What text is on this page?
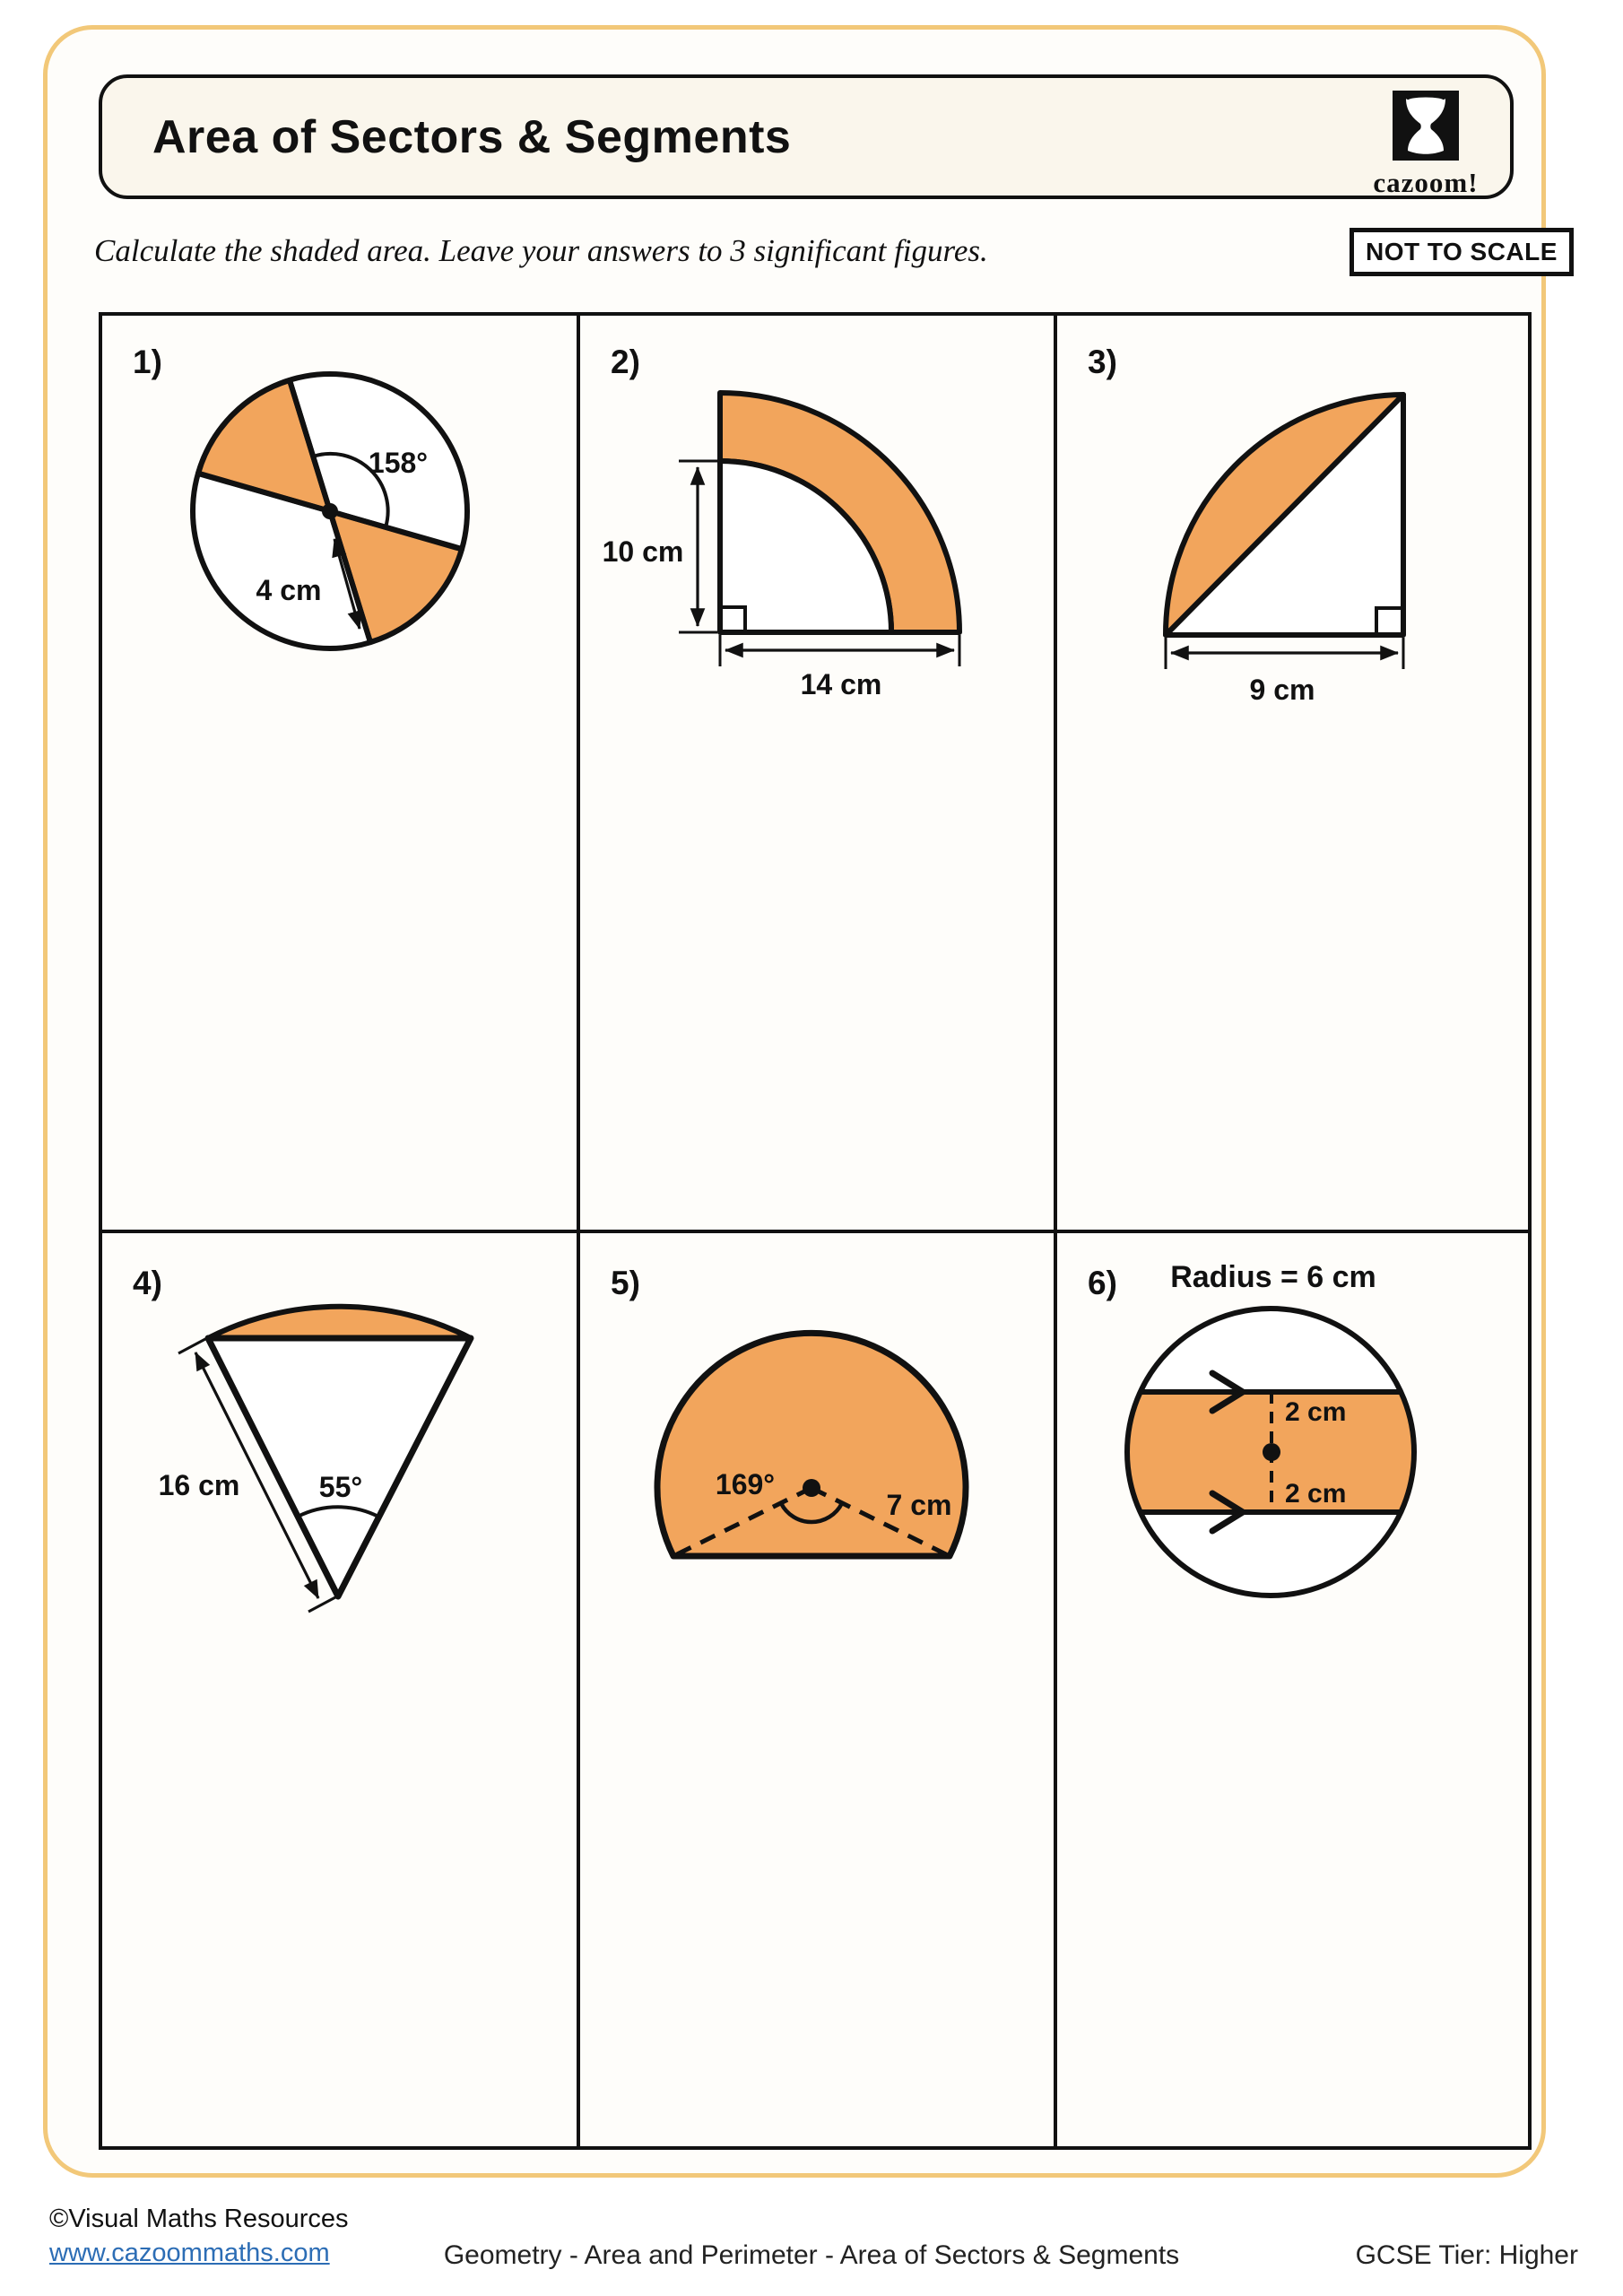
Area of Sectors & Segments
cazoom!
Calculate the shaded area. Leave your answers to 3 significant figures.	NOT TO SCALE
1)
158°
4 cm
2)
10 cm
14 cm
3)
9 cm
4)
16 cm	55°
5)
169°
7 cm
6) Radius = 6 cm
2 cm
2 cm
©Visual Maths Resources
www.cazoommaths.com	Geometry - Area and Perimeter - Area of Sectors & Segments	GCSE Tier: Higher
